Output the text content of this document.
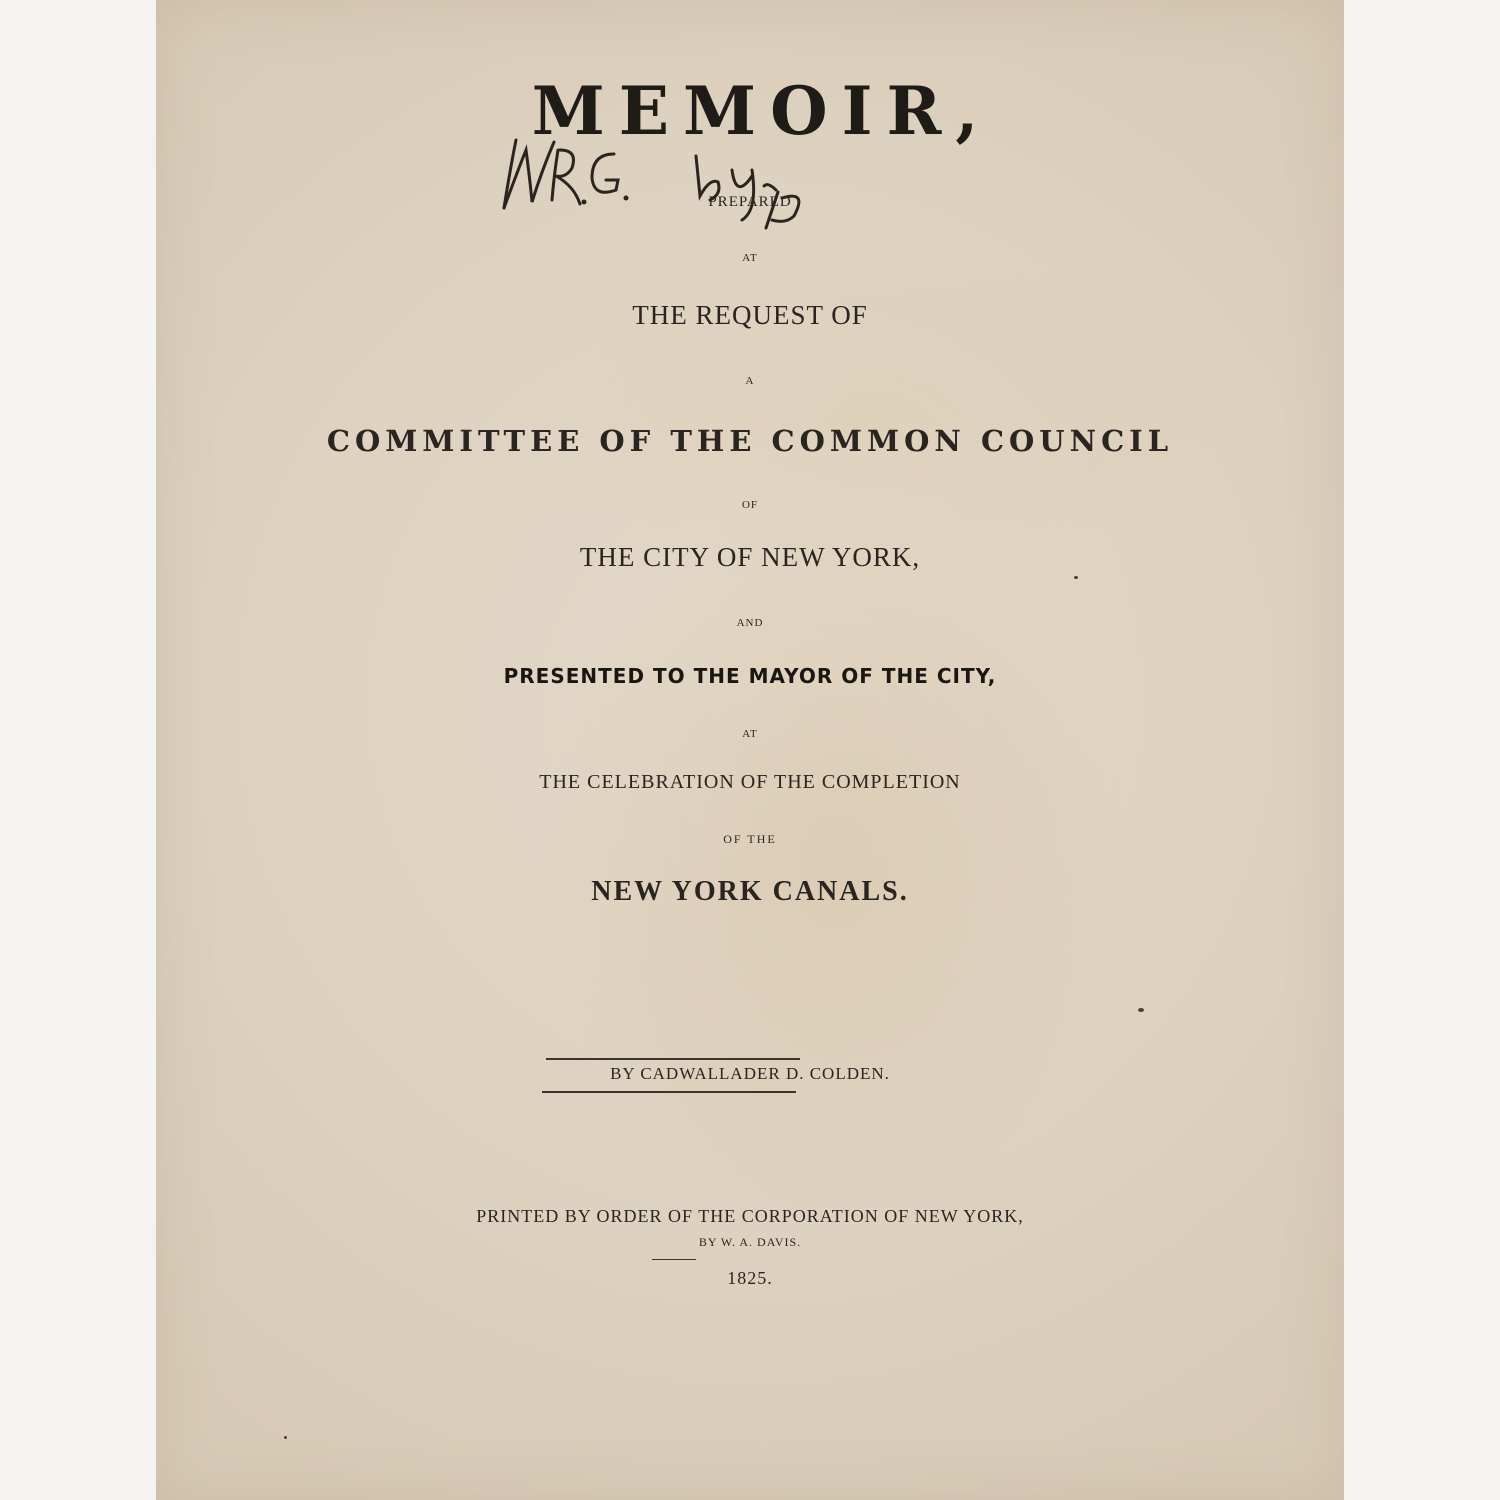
MEMOIR,
PREPARED
AT
THE REQUEST OF
A
COMMITTEE OF THE COMMON COUNCIL
OF
THE CITY OF NEW YORK,
AND
PRESENTED TO THE MAYOR OF THE CITY,
AT
THE CELEBRATION OF THE COMPLETION
OF THE
NEW YORK CANALS.
BY CADWALLADER D. COLDEN.
PRINTED BY ORDER OF THE CORPORATION OF NEW YORK,
BY W. A. DAVIS.
1825.
